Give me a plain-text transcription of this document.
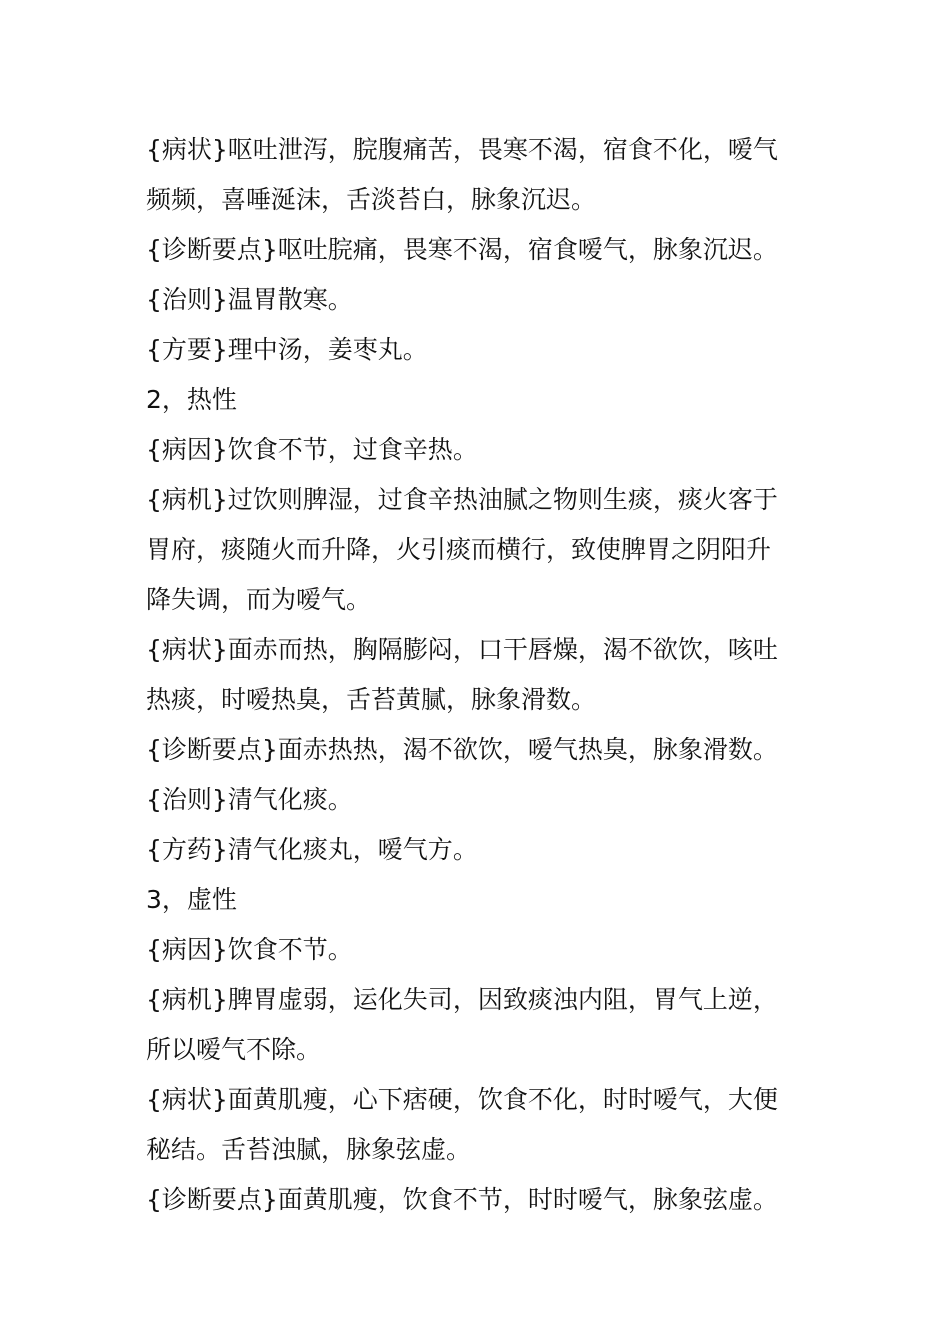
{病状}呕吐泄泻，脘腹痛苦，畏寒不渴，宿食不化，嗳气
频频，喜唾涎沫，舌淡苔白，脉象沉迟。
{诊断要点}呕吐脘痛，畏寒不渴，宿食嗳气，脉象沉迟。
{治则}温胃散寒。
{方要}理中汤，姜枣丸。
2，热性
{病因}饮食不节，过食辛热。
{病机}过饮则脾湿，过食辛热油腻之物则生痰，痰火客于
胃府，痰随火而升降，火引痰而横行，致使脾胃之阴阳升
降失调，而为嗳气。
{病状}面赤而热，胸隔膨闷，口干唇燥，渴不欲饮，咳吐
热痰，时嗳热臭，舌苔黄腻，脉象滑数。
{诊断要点}面赤热热，渴不欲饮，嗳气热臭，脉象滑数。
{治则}清气化痰。
{方药}清气化痰丸，嗳气方。
3，虚性
{病因}饮食不节。
{病机}脾胃虚弱，运化失司，因致痰浊内阻，胃气上逆，
所以嗳气不除。
{病状}面黄肌瘦，心下痞硬，饮食不化，时时嗳气，大便
秘结。舌苔浊腻，脉象弦虚。
{诊断要点}面黄肌瘦，饮食不节，时时嗳气，脉象弦虚。
